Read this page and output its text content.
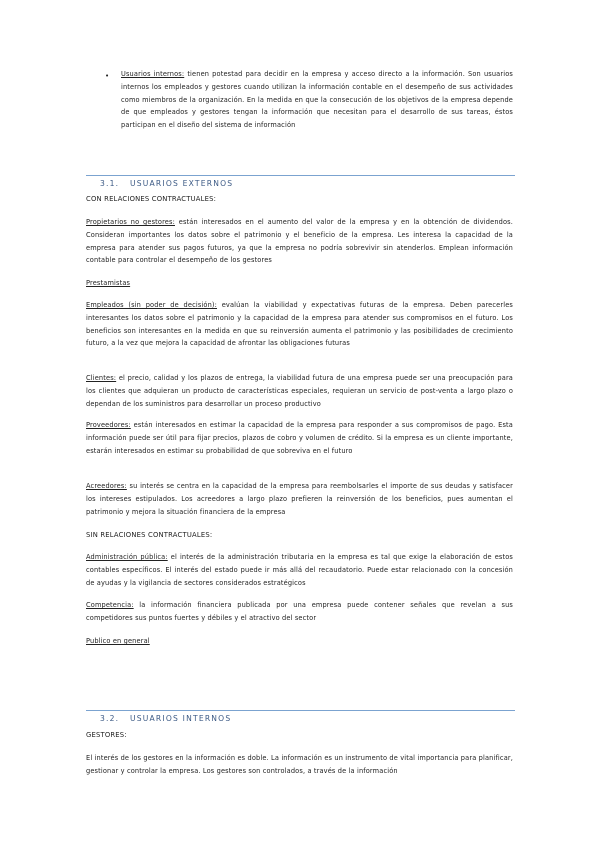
• Usuarios internos: tienen potestad para decidir en la empresa y acceso directo a la información. Son usuarios internos los empleados y gestores cuando utilizan la información contable en el desempeño de sus actividades como miembros de la organización. En la medida en que la consecución de los objetivos de la empresa depende de que empleados y gestores tengan la información que necesitan para el desarrollo de sus tareas, éstos participan en el diseño del sistema de información

3.1. USUARIOS EXTERNOS

CON RELACIONES CONTRACTUALES:

Propietarios no gestores: están interesados en el aumento del valor de la empresa y en la obtención de dividendos. Consideran importantes los datos sobre el patrimonio y el beneficio de la empresa. Les interesa la capacidad de la empresa para atender sus pagos futuros, ya que la empresa no podría sobrevivir sin atenderlos. Emplean información contable para controlar el desempeño de los gestores

Prestamistas

Empleados (sin poder de decisión): evalúan la viabilidad y expectativas futuras de la empresa. Deben parecerles interesantes los datos sobre el patrimonio y la capacidad de la empresa para atender sus compromisos en el futuro. Los beneficios son interesantes en la medida en que su reinversión aumenta el patrimonio y las posibilidades de crecimiento futuro, a la vez que mejora la capacidad de afrontar las obligaciones futuras

Clientes: el precio, calidad y los plazos de entrega, la viabilidad futura de una empresa puede ser una preocupación para los clientes que adquieran un producto de características especiales, requieran un servicio de post-venta a largo plazo o dependan de los suministros para desarrollar un proceso productivo

Proveedores: están interesados en estimar la capacidad de la empresa para responder a sus compromisos de pago. Esta información puede ser útil para fijar precios, plazos de cobro y volumen de crédito. Si la empresa es un cliente importante, estarán interesados en estimar su probabilidad de que sobreviva en el futuro

Acreedores: su interés se centra en la capacidad de la empresa para reembolsarles el importe de sus deudas y satisfacer los intereses estipulados. Los acreedores a largo plazo prefieren la reinversión de los beneficios, pues aumentan el patrimonio y mejora la situación financiera de la empresa

SIN RELACIONES CONTRACTUALES:

Administración pública: el interés de la administración tributaria en la empresa es tal que exige la elaboración de estos contables específicos. El interés del estado puede ir más allá del recaudatorio. Puede estar relacionado con la concesión de ayudas y la vigilancia de sectores considerados estratégicos

Competencia: la información financiera publicada por una empresa puede contener señales que revelan a sus competidores sus puntos fuertes y débiles y el atractivo del sector

Publico en general

3.2. USUARIOS INTERNOS

GESTORES:

El interés de los gestores en la información es doble. La información es un instrumento de vital importancia para planificar, gestionar y controlar la empresa. Los gestores son controlados, a través de la información
